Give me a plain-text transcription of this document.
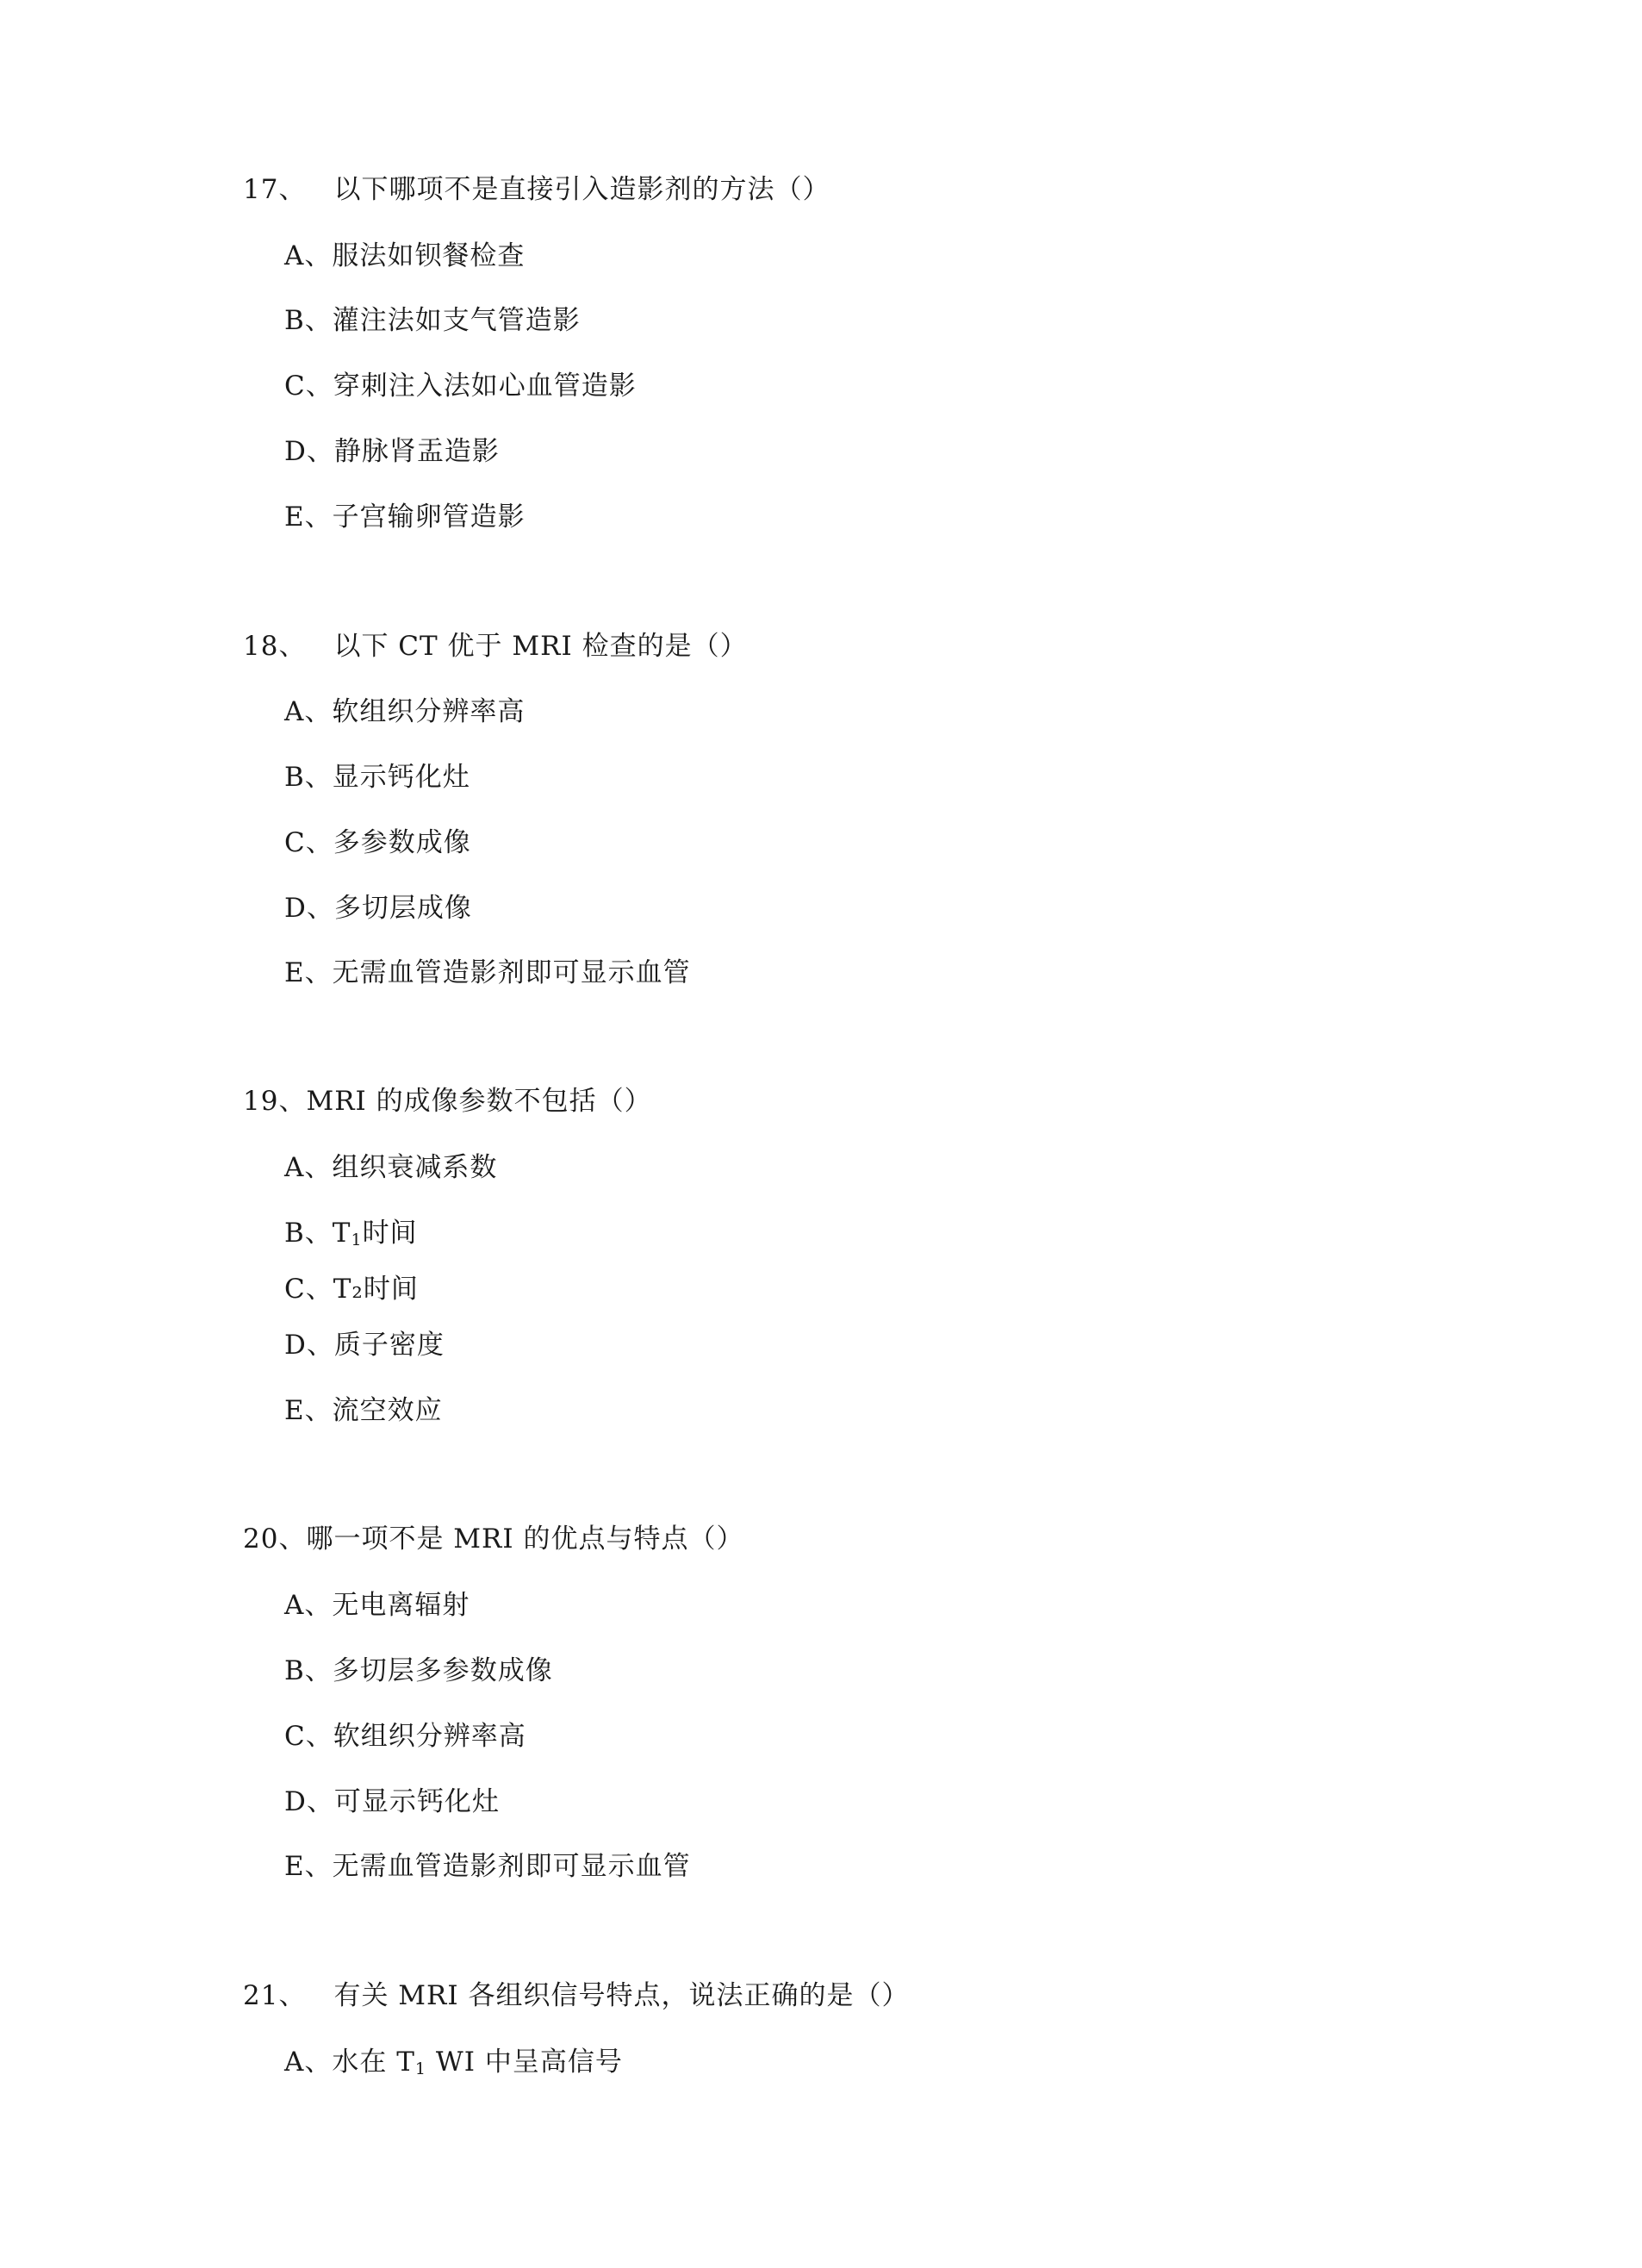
17、 以下哪项不是直接引入造影剂的方法（）
A、服法如钡餐检查
B、灌注法如支气管造影
C、穿刺注入法如心血管造影
D、静脉肾盂造影
E、子宫输卵管造影
18、 以下 CT 优于 MRI 检查的是（）
A、软组织分辨率高
B、显示钙化灶
C、多参数成像
D、多切层成像
E、无需血管造影剂即可显示血管
19、MRI 的成像参数不包括（）
A、组织衰减系数
B、$T_1$时间
C、T₂时间
D、质子密度
E、流空效应
20、哪一项不是 MRI 的优点与特点（）
A、无电离辐射
B、多切层多参数成像
C、软组织分辨率高
D、可显示钙化灶
E、无需血管造影剂即可显示血管
21、 有关 MRI 各组织信号特点，说法正确的是（）
A、水在 $T_1$ WI 中呈高信号
